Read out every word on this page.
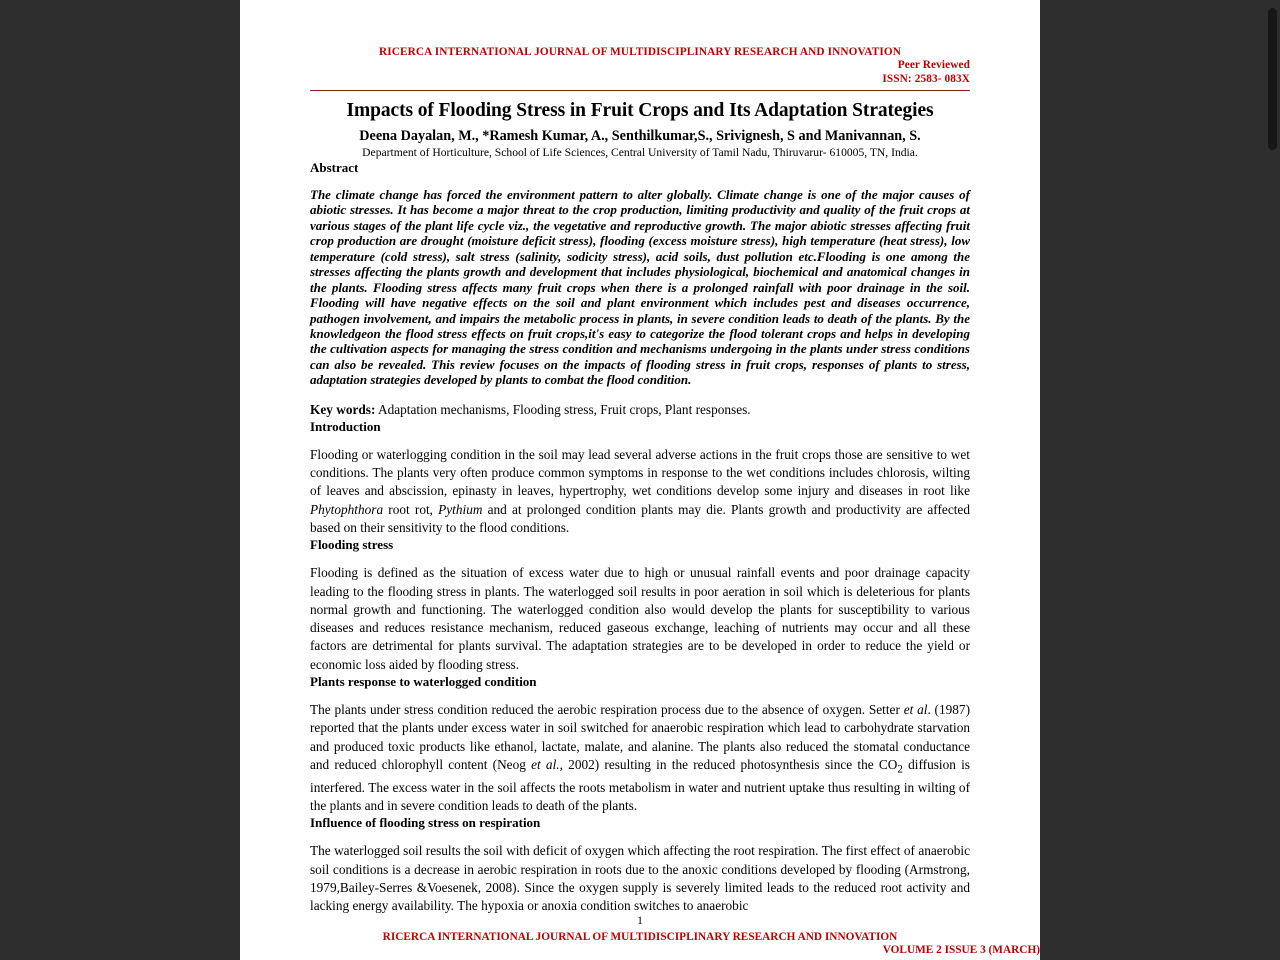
RICERCA INTERNATIONAL JOURNAL OF MULTIDISCIPLINARY RESEARCH AND INNOVATION
Peer Reviewed
ISSN: 2583- 083X
Impacts of Flooding Stress in Fruit Crops and Its Adaptation Strategies
Deena Dayalan, M., *Ramesh Kumar, A., Senthilkumar,S., Srivignesh, S and Manivannan, S.
Department of Horticulture, School of Life Sciences, Central University of Tamil Nadu, Thiruvarur- 610005, TN, India.
Abstract

The climate change has forced the environment pattern to alter globally. Climate change is one of the major causes of abiotic stresses. It has become a major threat to the crop production, limiting productivity and quality of the fruit crops at various stages of the plant life cycle viz., the vegetative and reproductive growth. The major abiotic stresses affecting fruit crop production are drought (moisture deficit stress), flooding (excess moisture stress), high temperature (heat stress), low temperature (cold stress), salt stress (salinity, sodicity stress), acid soils, dust pollution etc.Flooding is one among the stresses affecting the plants growth and development that includes physiological, biochemical and anatomical changes in the plants. Flooding stress affects many fruit crops when there is a prolonged rainfall with poor drainage in the soil. Flooding will have negative effects on the soil and plant environment which includes pest and diseases occurrence, pathogen involvement, and impairs the metabolic process in plants, in severe condition leads to death of the plants. By the knowledgeon the flood stress effects on fruit crops,it's easy to categorize the flood tolerant crops and helps in developing the cultivation aspects for managing the stress condition and mechanisms undergoing in the plants under stress conditions can also be revealed. This review focuses on the impacts of flooding stress in fruit crops, responses of plants to stress, adaptation strategies developed by plants to combat the flood condition.

Key words: Adaptation mechanisms, Flooding stress, Fruit crops, Plant responses.

Introduction

Flooding or waterlogging condition in the soil may lead several adverse actions in the fruit crops those are sensitive to wet conditions. The plants very often produce common symptoms in response to the wet conditions includes chlorosis, wilting of leaves and abscission, epinasty in leaves, hypertrophy, wet conditions develop some injury and diseases in root like Phytophthora root rot, Pythium and at prolonged condition plants may die. Plants growth and productivity are affected based on their sensitivity to the flood conditions.

Flooding stress

Flooding is defined as the situation of excess water due to high or unusual rainfall events and poor drainage capacity leading to the flooding stress in plants. The waterlogged soil results in poor aeration in soil which is deleterious for plants normal growth and functioning. The waterlogged condition also would develop the plants for susceptibility to various diseases and reduces resistance mechanism, reduced gaseous exchange, leaching of nutrients may occur and all these factors are detrimental for plants survival. The adaptation strategies are to be developed in order to reduce the yield or economic loss aided by flooding stress.

Plants response to waterlogged condition

The plants under stress condition reduced the aerobic respiration process due to the absence of oxygen. Setter et al. (1987) reported that the plants under excess water in soil switched for anaerobic respiration which lead to carbohydrate starvation and produced toxic products like ethanol, lactate, malate, and alanine. The plants also reduced the stomatal conductance and reduced chlorophyll content (Neog et al., 2002) resulting in the reduced photosynthesis since the $CO_2$ diffusion is interfered. The excess water in the soil affects the roots metabolism in water and nutrient uptake thus resulting in wilting of the plants and in severe condition leads to death of the plants.

Influence of flooding stress on respiration

The waterlogged soil results the soil with deficit of oxygen which affecting the root respiration. The first effect of anaerobic soil conditions is a decrease in aerobic respiration in roots due to the anoxic conditions developed by flooding (Armstrong, 1979,Bailey-Serres &Voesenek, 2008). Since the oxygen supply is severely limited leads to the reduced root activity and lacking energy availability. The hypoxia or anoxia condition switches to anaerobic

1
RICERCA INTERNATIONAL JOURNAL OF MULTIDISCIPLINARY RESEARCH AND INNOVATION
VOLUME 2 ISSUE 3 (MARCH)
